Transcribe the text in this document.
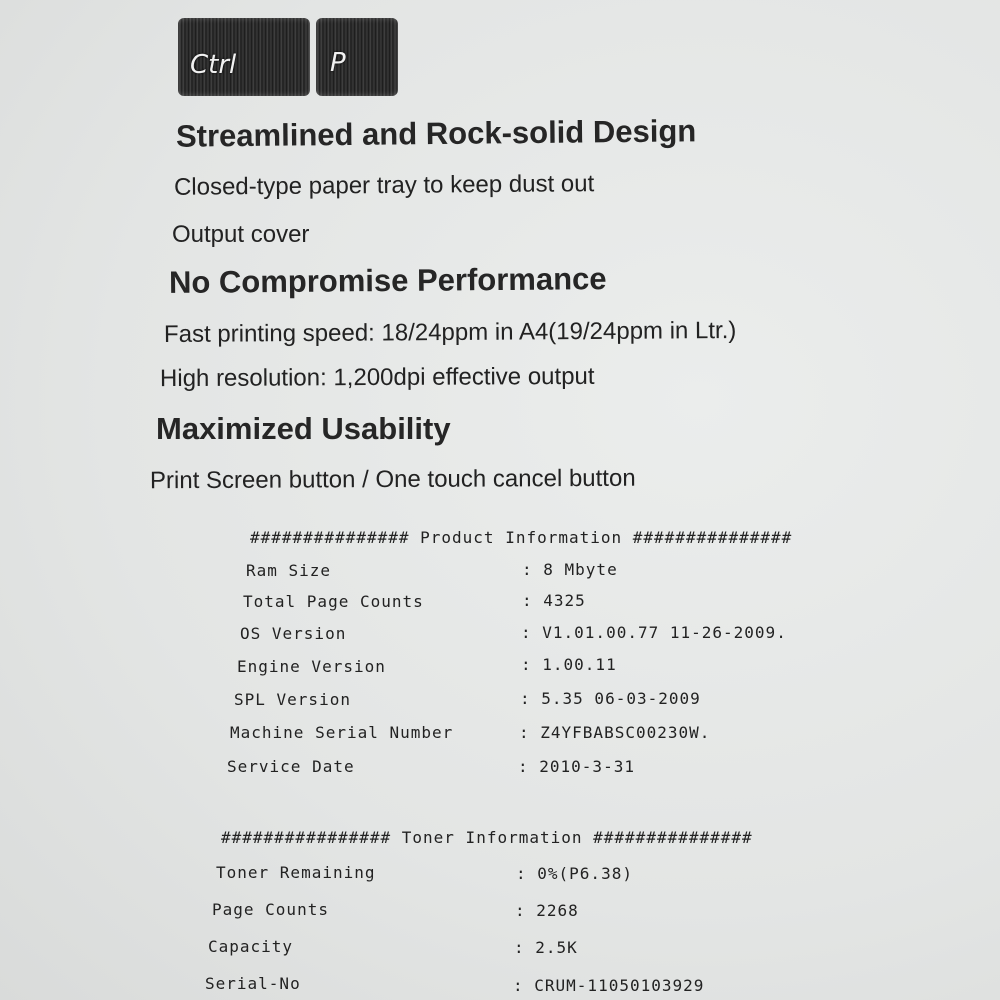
Ctrl	P
Streamlined and Rock-solid Design

Closed-type paper tray to keep dust out

Output cover

No Compromise Performance

Fast printing speed: 18/24ppm in A4(19/24ppm in Ltr.)

High resolution: 1,200dpi effective output

Maximized Usability

Print Screen button / One touch cancel button

############### Product Information ###############

Ram Size	: 8 Mbyte

Total Page Counts	: 4325

OS Version	: V1.01.00.77 11-26-2009.

Engine Version	: 1.00.11

SPL Version	: 5.35 06-03-2009

Machine Serial Number	: Z4YFBABSC00230W.

Service Date	: 2010-3-31

################ Toner Information ###############

Toner Remaining	: 0%(P6.38)

Page Counts	: 2268

Capacity	: 2.5K

Serial-No	: CRUM-11050103929
